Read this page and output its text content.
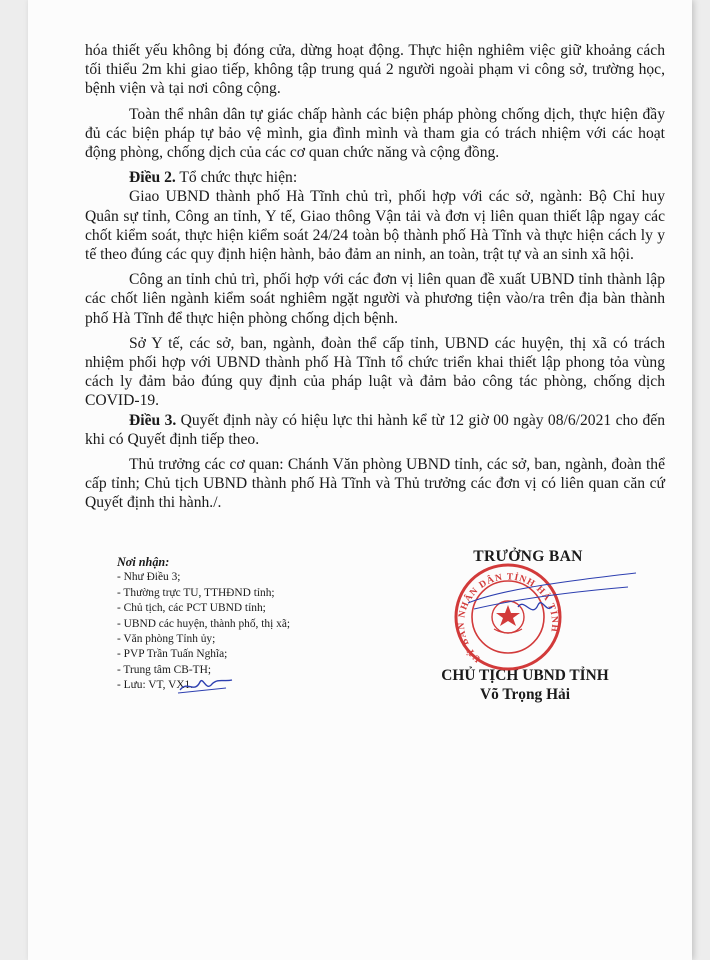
hóa thiết yếu không bị đóng cửa, dừng hoạt động. Thực hiện nghiêm việc giữ khoảng cách tối thiểu 2m khi giao tiếp, không tập trung quá 2 người ngoài phạm vi công sở, trường học, bệnh viện và tại nơi công cộng.

Toàn thể nhân dân tự giác chấp hành các biện pháp phòng chống dịch, thực hiện đầy đủ các biện pháp tự bảo vệ mình, gia đình mình và tham gia có trách nhiệm với các hoạt động phòng, chống dịch của các cơ quan chức năng và cộng đồng.

Điều 2. Tổ chức thực hiện:

Giao UBND thành phố Hà Tĩnh chủ trì, phối hợp với các sở, ngành: Bộ Chỉ huy Quân sự tỉnh, Công an tỉnh, Y tế, Giao thông Vận tải và đơn vị liên quan thiết lập ngay các chốt kiểm soát, thực hiện kiểm soát 24/24 toàn bộ thành phố Hà Tĩnh và thực hiện cách ly y tế theo đúng các quy định hiện hành, bảo đảm an ninh, an toàn, trật tự và an sinh xã hội.

Công an tỉnh chủ trì, phối hợp với các đơn vị liên quan đề xuất UBND tỉnh thành lập các chốt liên ngành kiểm soát nghiêm ngặt người và phương tiện vào/ra trên địa bàn thành phố Hà Tĩnh để thực hiện phòng chống dịch bệnh.

Sở Y tế, các sở, ban, ngành, đoàn thể cấp tỉnh, UBND các huyện, thị xã có trách nhiệm phối hợp với UBND thành phố Hà Tĩnh tổ chức triển khai thiết lập phong tỏa vùng cách ly đảm bảo đúng quy định của pháp luật và đảm bảo công tác phòng, chống dịch COVID-19.

Điều 3. Quyết định này có hiệu lực thi hành kể từ 12 giờ 00 ngày 08/6/2021 cho đến khi có Quyết định tiếp theo.

Thủ trưởng các cơ quan: Chánh Văn phòng UBND tỉnh, các sở, ban, ngành, đoàn thể cấp tỉnh; Chủ tịch UBND thành phố Hà Tĩnh và Thủ trưởng các đơn vị có liên quan căn cứ Quyết định thi hành./.

Nơi nhận:
- Như Điều 3;
- Thường trực TU, TTHĐND tỉnh;
- Chủ tịch, các PCT UBND tỉnh;
- UBND các huyện, thành phố, thị xã;
- Văn phòng Tỉnh ủy;
- PVP Trần Tuấn Nghĩa;
- Trung tâm CB-TH;
- Lưu: VT, VX1.
TRƯỞNG BAN
CHỦ TỊCH UBND TỈNH
Võ Trọng Hải
UỶ BAN NHÂN DÂN TỈNH HÀ TĨNH
